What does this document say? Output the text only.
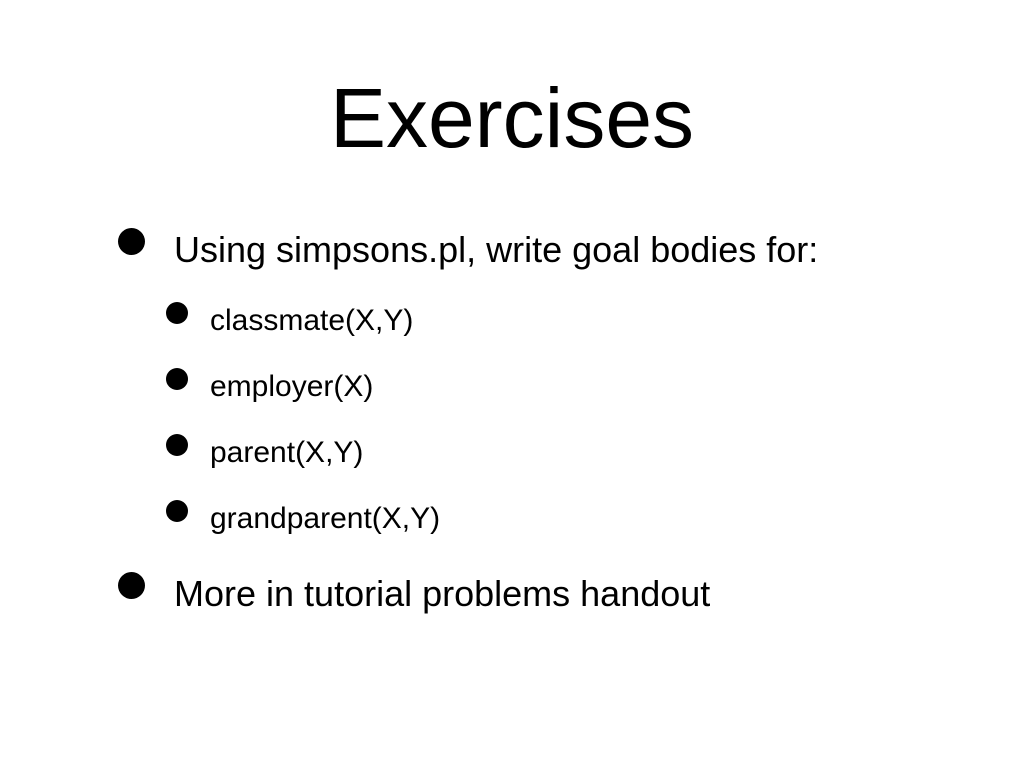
Exercises
Using simpsons.pl, write goal bodies for:
classmate(X,Y)
employer(X)
parent(X,Y)
grandparent(X,Y)
More in tutorial problems handout
